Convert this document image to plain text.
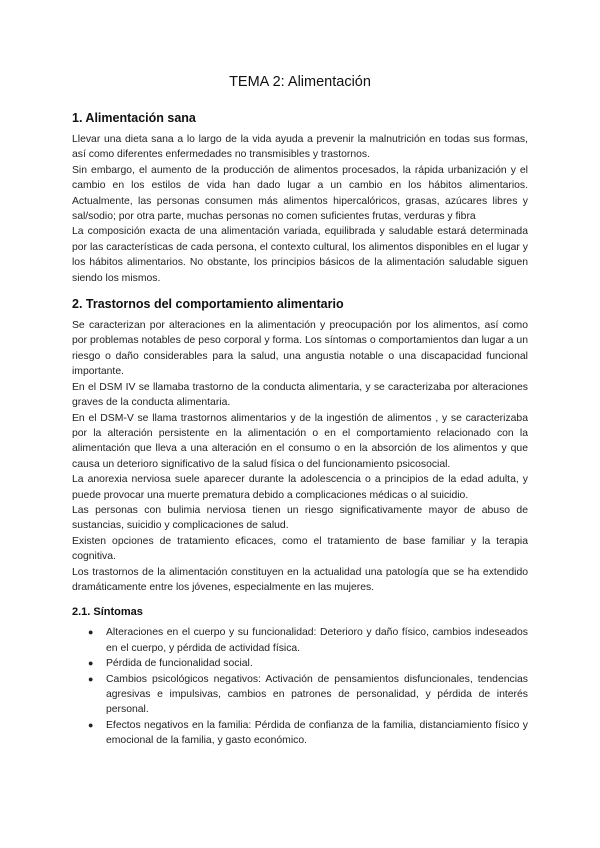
TEMA 2: Alimentación
1. Alimentación sana

Llevar una dieta sana a lo largo de la vida ayuda a prevenir la malnutrición en todas sus formas, así como diferentes enfermedades no transmisibles y trastornos.

Sin embargo, el aumento de la producción de alimentos procesados, la rápida urbanización y el cambio en los estilos de vida han dado lugar a un cambio en los hábitos alimentarios. Actualmente, las personas consumen más alimentos hipercalóricos, grasas, azúcares libres y sal/sodio; por otra parte, muchas personas no comen suficientes frutas, verduras y fibra

La composición exacta de una alimentación variada, equilibrada y saludable estará determinada por las características de cada persona, el contexto cultural, los alimentos disponibles en el lugar y los hábitos alimentarios. No obstante, los principios básicos de la alimentación saludable siguen siendo los mismos.

2. Trastornos del comportamiento alimentario

Se caracterizan por alteraciones en la alimentación y preocupación por los alimentos, así como por problemas notables de peso corporal y forma. Los síntomas o comportamientos dan lugar a un riesgo o daño considerables para la salud, una angustia notable o una discapacidad funcional importante.

En el DSM IV se llamaba trastorno de la conducta alimentaria, y se caracterizaba por alteraciones graves de la conducta alimentaria.

En el DSM-V se llama trastornos alimentarios y de la ingestión de alimentos , y se caracterizaba por la alteración persistente en la alimentación o en el comportamiento relacionado con la alimentación que lleva a una alteración en el consumo o en la absorción de los alimentos y que causa un deterioro significativo de la salud física o del funcionamiento psicosocial.

La anorexia nerviosa suele aparecer durante la adolescencia o a principios de la edad adulta, y puede provocar una muerte prematura debido a complicaciones médicas o al suicidio.

Las personas con bulimia nerviosa tienen un riesgo significativamente mayor de abuso de sustancias, suicidio y complicaciones de salud.

Existen opciones de tratamiento eficaces, como el tratamiento de base familiar y la terapia cognitiva.

Los trastornos de la alimentación constituyen en la actualidad una patología que se ha extendido dramáticamente entre los jóvenes, especialmente en las mujeres.

2.1. Síntomas
● Alteraciones en el cuerpo y su funcionalidad: Deterioro y daño físico, cambios indeseados en el cuerpo, y pérdida de actividad física.
● Pérdida de funcionalidad social.
● Cambios psicológicos negativos: Activación de pensamientos disfuncionales, tendencias agresivas e impulsivas, cambios en patrones de personalidad, y pérdida de interés personal.
● Efectos negativos en la familia: Pérdida de confianza de la familia, distanciamiento físico y emocional de la familia, y gasto económico.
